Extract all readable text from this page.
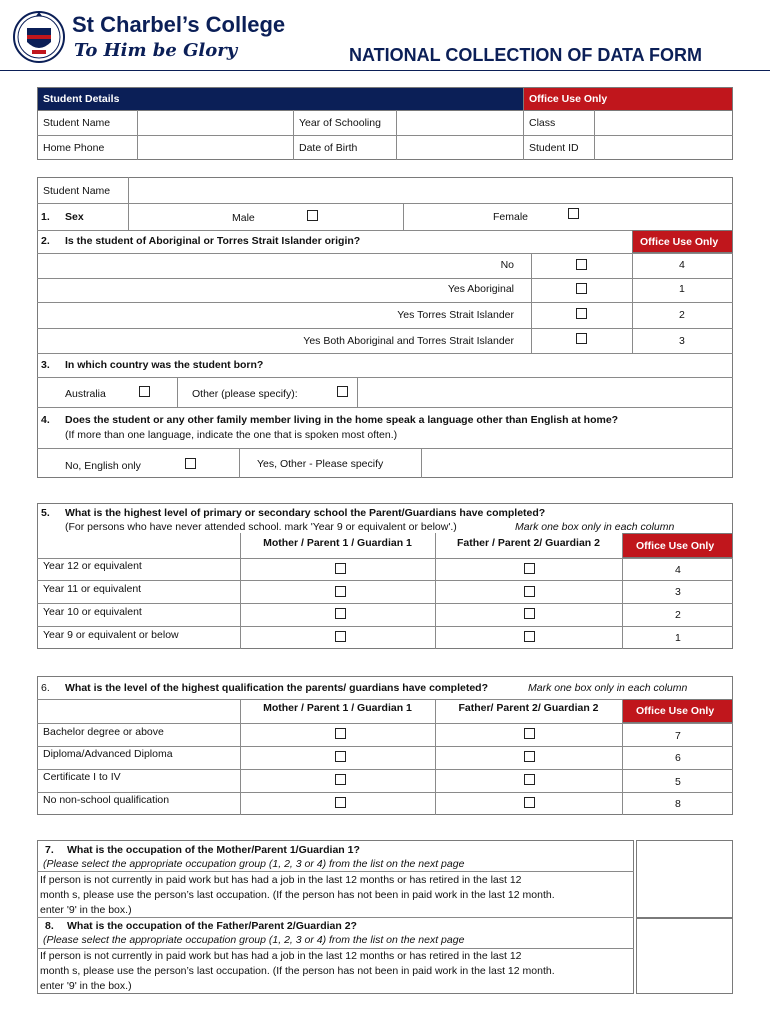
St Charbel’s College
To Him be Glory	NATIONAL COLLECTION OF DATA FORM
Student Details	Office Use Only
Student Name	Year of Schooling	Class
Home Phone	Date of Birth	Student ID
Student Name
1. Sex	Male	Female
2. Is the student of Aboriginal or Torres Strait Islander origin?	Office Use Only
No	4
Yes Aboriginal	1
Yes Torres Strait Islander	2
Yes Both Aboriginal and Torres Strait Islander	3
3. In which country was the student born?
Australia	Other (please specify):
4. Does the student or any other family member living in the home speak a language other than English at home?
(If more than one language, indicate the one that is spoken most often.)
No, English only	Yes, Other - Please specify
5. What is the highest level of primary or secondary school the Parent/Guardians have completed?
(For persons who have never attended school. mark 'Year 9 or equivalent or below'.)	Mark one box only in each column
Mother / Parent 1 / Guardian 1	Father / Parent 2/ Guardian 2	Office Use Only
Year 12 or equivalent	4
Year 11 or equivalent	3
Year 10 or equivalent	2
Year 9 or equivalent or below	1
6. What is the level of the highest qualification the parents/ guardians have completed?	Mark one box only in each column
Mother / Parent 1 / Guardian 1	Father/ Parent 2/ Guardian 2	Office Use Only
Bachelor degree or above	7
Diploma/Advanced Diploma	6
Certificate I to IV	5
No non-school qualification	8
7. What is the occupation of the Mother/Parent 1/Guardian 1?
(Please select the appropriate occupation group (1, 2, 3 or 4) from the list on the next page
If person is not currently in paid work but has had a job in the last 12 months or has retired in the last 12
month s, please use the person’s last occupation. (If the person has not been in paid work in the last 12 month.
enter '9' in the box.)
8. What is the occupation of the Father/Parent 2/Guardian 2?
(Please select the appropriate occupation group (1, 2, 3 or 4) from the list on the next page
If person is not currently in paid work but has had a job in the last 12 months or has retired in the last 12
month s, please use the person’s last occupation. (If the person has not been in paid work in the last 12 month.
enter '9' in the box.)
